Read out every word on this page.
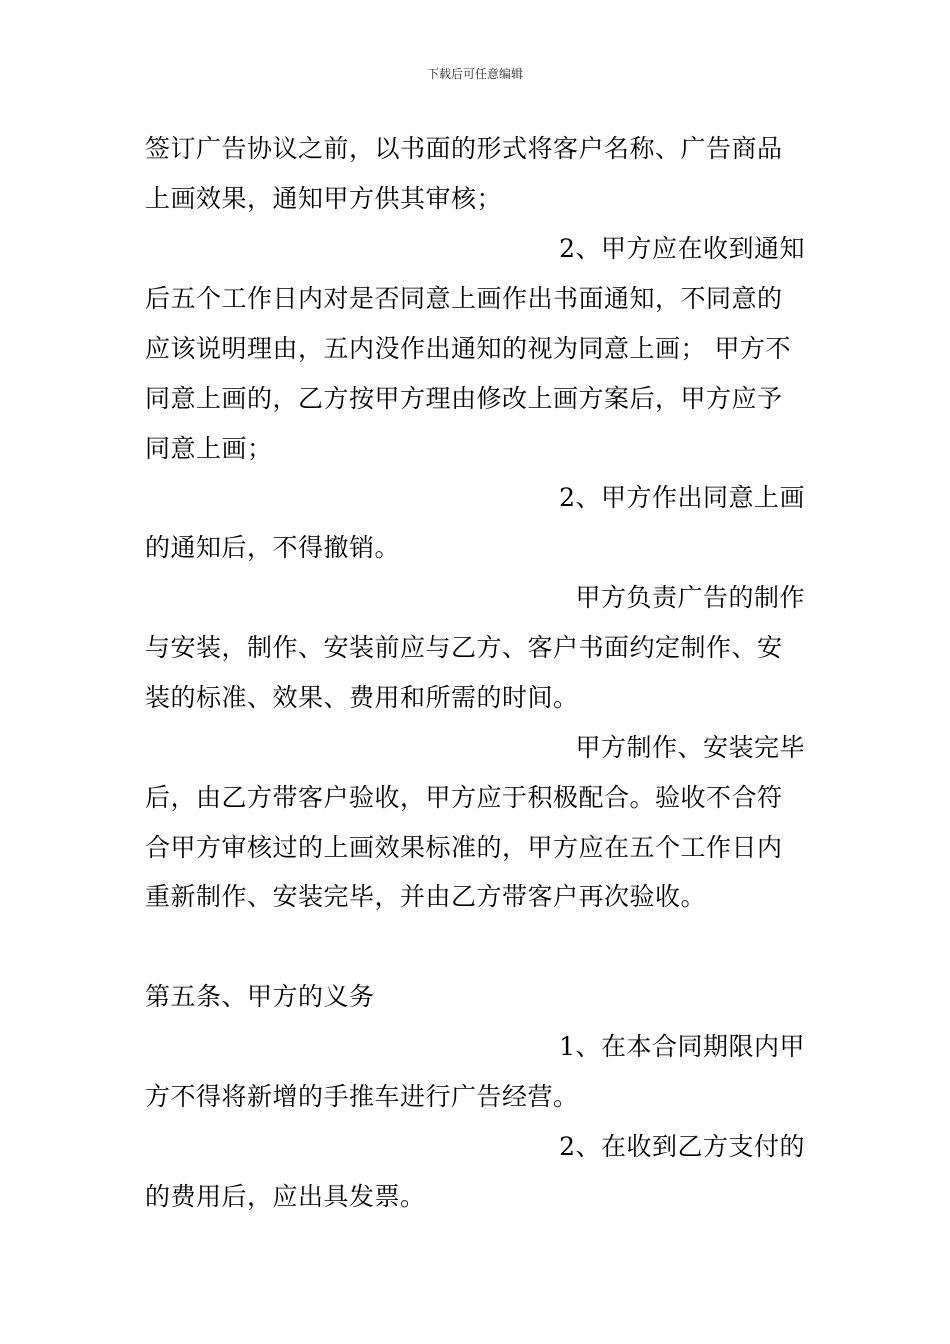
下载后可任意编辑
签订广告协议之前，以书面的形式将客户名称、广告商品
上画效果，通知甲方供其审核；
2、甲方应在收到通知
后五个工作日内对是否同意上画作出书面通知，不同意的
应该说明理由，五内没作出通知的视为同意上画； 甲方不
同意上画的，乙方按甲方理由修改上画方案后，甲方应予
同意上画；
2、甲方作出同意上画
的通知后，不得撤销。
甲方负责广告的制作
与安装，制作、安装前应与乙方、客户书面约定制作、安
装的标准、效果、费用和所需的时间。
甲方制作、安装完毕
后，由乙方带客户验收，甲方应于积极配合。验收不合符
合甲方审核过的上画效果标准的，甲方应在五个工作日内
重新制作、安装完毕，并由乙方带客户再次验收。
第五条、甲方的义务
1、在本合同期限内甲
方不得将新增的手推车进行广告经营。
2、在收到乙方支付的
的费用后，应出具发票。
